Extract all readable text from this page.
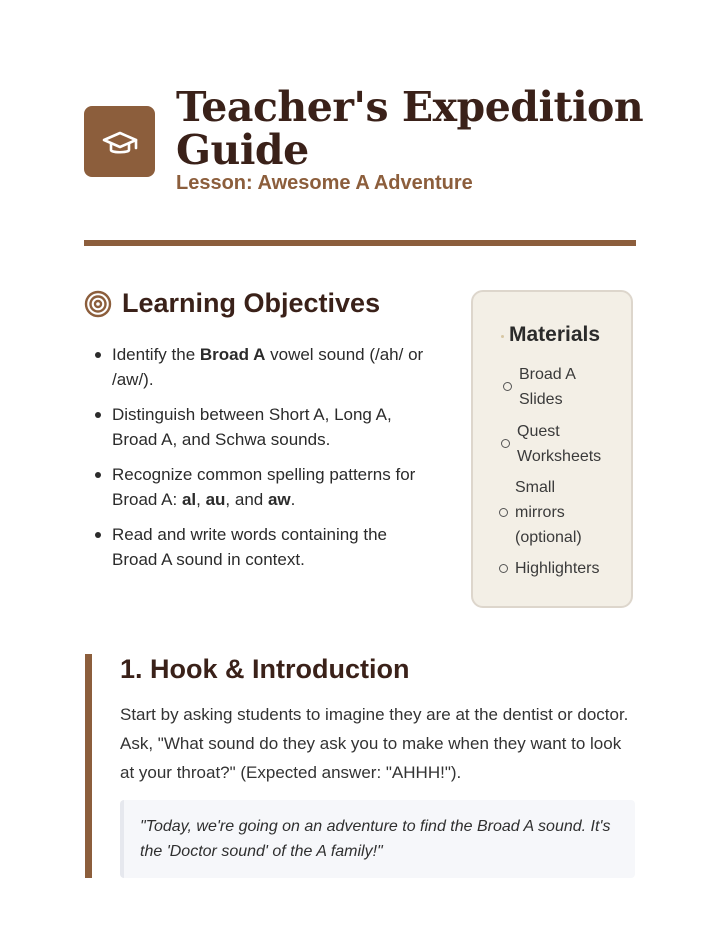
Teacher's Expedition Guide
Lesson: Awesome A Adventure
Learning Objectives
Identify the Broad A vowel sound (/ah/ or /aw/).
Distinguish between Short A, Long A, Broad A, and Schwa sounds.
Recognize common spelling patterns for Broad A: al, au, and aw.
Read and write words containing the Broad A sound in context.
Materials
Broad A
Slides
Quest
Worksheets
Small
mirrors
(optional)
Highlighters
1. Hook & Introduction

Start by asking students to imagine they are at the dentist or doctor. Ask, "What sound do they ask you to make when they want to look at your throat?" (Expected answer: "AHHH!").

"Today, we're going on an adventure to find the Broad A sound. It's the 'Doctor sound' of the A family!"
